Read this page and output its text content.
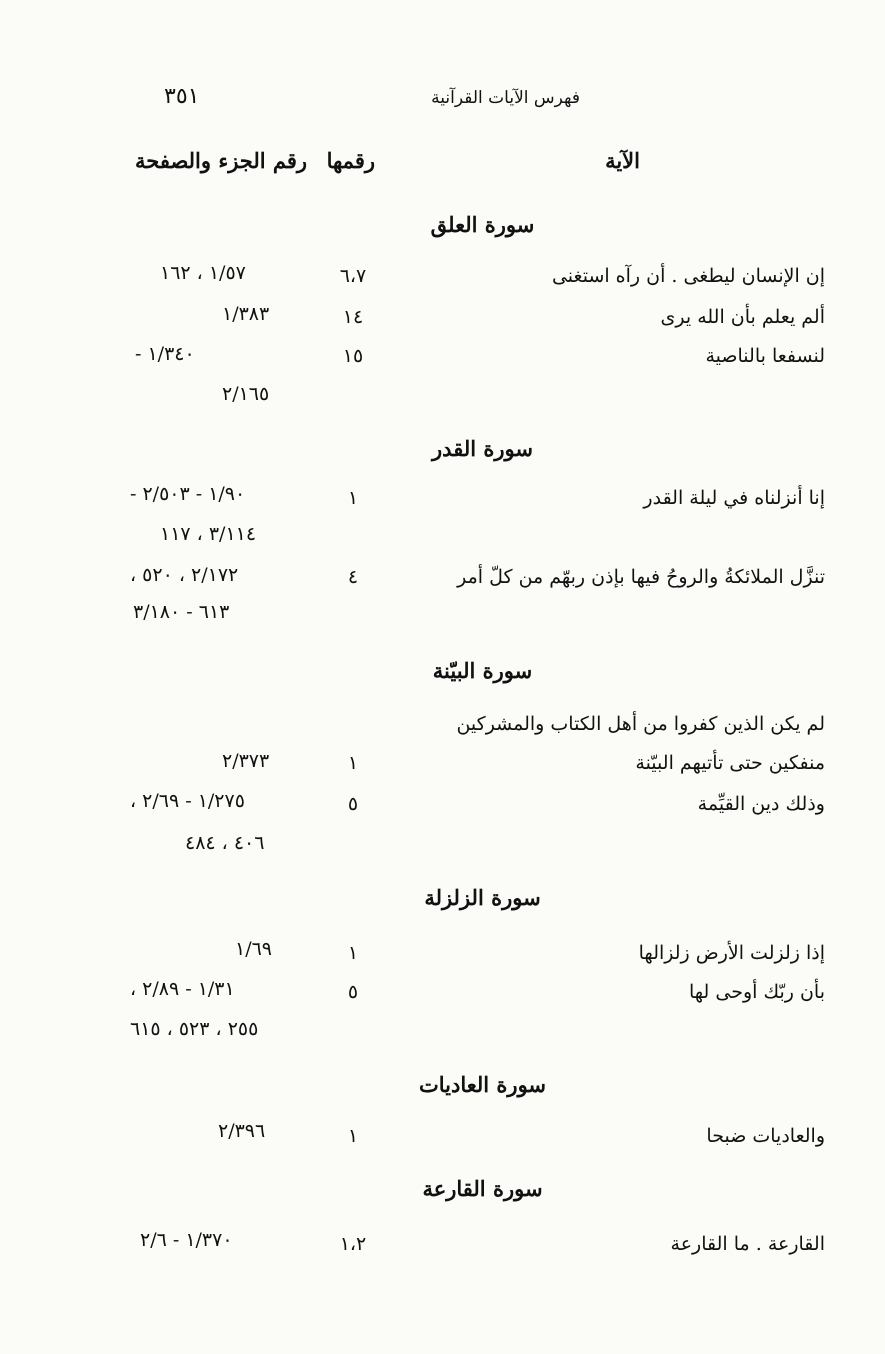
٣٥١	فهرس الآيات القرآنية
الآية
رقمها
رقم الجزء والصفحة
سورة العلق
إن الإنسان ليطغى . أن رآه استغنى
٦،٧
١/٥٧ ، ١٦٢
ألم يعلم بأن الله يرى
١٤
١/٣٨٣
لنسفعا بالناصية
١٥
١/٣٤٠ -
٢/١٦٥
سورة القدر
إنا أنزلناه في ليلة القدر
١
١/٩٠ - ٢/٥٠٣ -
٣/١١٤ ، ١١٧
تنزَّل الملائكةُ والروحُ فيها بإذن ربهّم من كلّ أمر
٤
٢/١٧٢ ، ٥٢٠ ،
٦١٣ - ٣/١٨٠
سورة البيّنة
لم يكن الذين كفروا من أهل الكتاب والمشركين
منفكين حتى تأتيهم البيّنة
١
٢/٣٧٣
وذلك دين القيِّمة
٥
١/٢٧٥ - ٢/٦٩ ،
٤٠٦ ، ٤٨٤
سورة الزلزلة
إذا زلزلت الأرض زلزالها
١
١/٦٩
بأن ربّك أوحى لها
٥
١/٣١ - ٢/٨٩ ،
٢٥٥ ، ٥٢٣ ، ٦١٥
سورة العاديات
والعاديات ضبحا
١
٢/٣٩٦
سورة القارعة
القارعة . ما القارعة
١،٢
١/٣٧٠ - ٢/٦
